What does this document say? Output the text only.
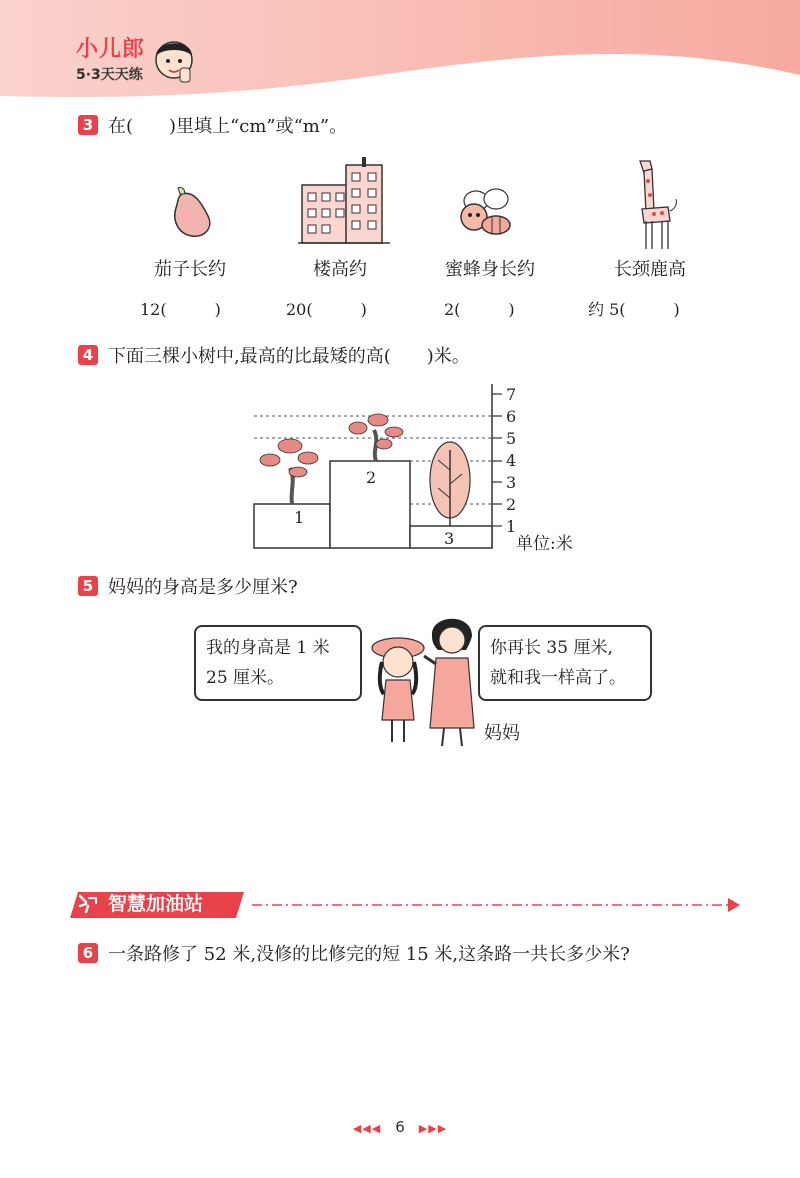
小儿郎
5·3天天练
3 在(　　)里填上“cm”或“m”。
茄子长约	楼高约	蜜蜂身长约	长颈鹿高
12(　　　)	20(　　　)	2(　　　)	约 5(　　　)
4 下面三棵小树中,最高的比最矮的高(　　)米。
1
2
3
4
5
6
7
1
2
3	单位:米
5 妈妈的身高是多少厘米?
我的身高是 1 米
25 厘米。
你再长 35 厘米,
就和我一样高了。
妈妈
智慧加油站
6 一条路修了 52 米,没修的比修完的短 15 米,这条路一共长多少米?
◀◀◀ 6 ▶▶▶
